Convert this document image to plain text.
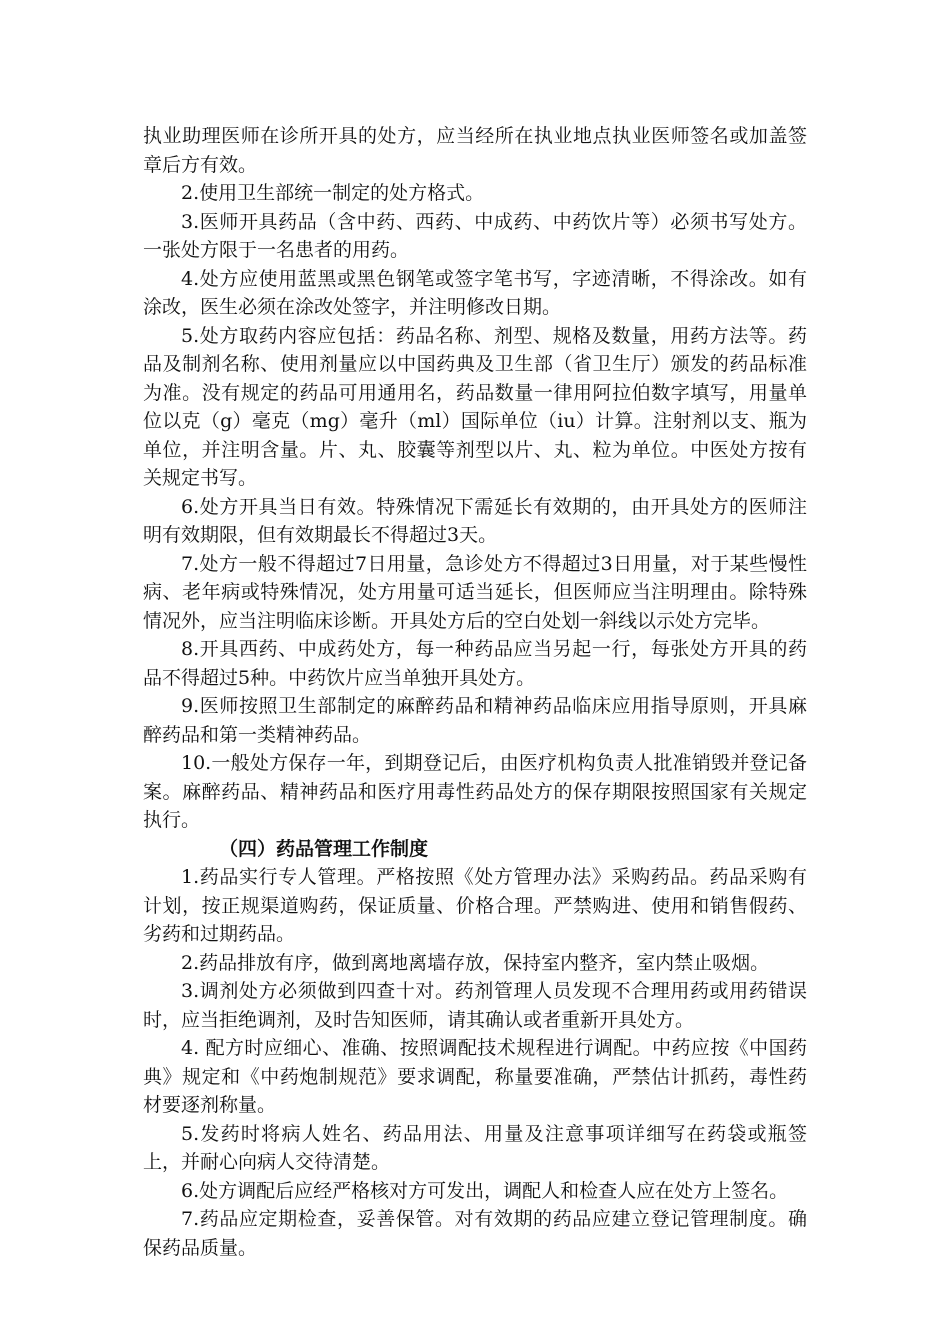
执业助理医师在诊所开具的处方，应当经所在执业地点执业医师签名或加盖签章后方有效。

2.使用卫生部统一制定的处方格式。

3.医师开具药品（含中药、西药、中成药、中药饮片等）必须书写处方。一张处方限于一名患者的用药。

4.处方应使用蓝黑或黑色钢笔或签字笔书写，字迹清晰，不得涂改。如有涂改，医生必须在涂改处签字，并注明修改日期。

5.处方取药内容应包括：药品名称、剂型、规格及数量，用药方法等。药品及制剂名称、使用剂量应以中国药典及卫生部（省卫生厅）颁发的药品标准为准。没有规定的药品可用通用名，药品数量一律用阿拉伯数字填写，用量单位以克（g）毫克（mg）毫升（ml）国际单位（iu）计算。注射剂以支、瓶为单位，并注明含量。片、丸、胶囊等剂型以片、丸、粒为单位。中医处方按有关规定书写。

6.处方开具当日有效。特殊情况下需延长有效期的，由开具处方的医师注明有效期限，但有效期最长不得超过3天。

7.处方一般不得超过7日用量，急诊处方不得超过3日用量，对于某些慢性病、老年病或特殊情况，处方用量可适当延长，但医师应当注明理由。除特殊情况外，应当注明临床诊断。开具处方后的空白处划一斜线以示处方完毕。

8.开具西药、中成药处方，每一种药品应当另起一行，每张处方开具的药品不得超过5种。中药饮片应当单独开具处方。

9.医师按照卫生部制定的麻醉药品和精神药品临床应用指导原则，开具麻醉药品和第一类精神药品。

10.一般处方保存一年，到期登记后，由医疗机构负责人批准销毁并登记备案。麻醉药品、精神药品和医疗用毒性药品处方的保存期限按照国家有关规定执行。

（四）药品管理工作制度

1.药品实行专人管理。严格按照《处方管理办法》采购药品。药品采购有计划，按正规渠道购药，保证质量、价格合理。严禁购进、使用和销售假药、劣药和过期药品。

2.药品排放有序，做到离地离墙存放，保持室内整齐，室内禁止吸烟。

3.调剂处方必须做到四查十对。药剂管理人员发现不合理用药或用药错误时，应当拒绝调剂，及时告知医师，请其确认或者重新开具处方。

4. 配方时应细心、准确、按照调配技术规程进行调配。中药应按《中国药典》规定和《中药炮制规范》要求调配，称量要准确，严禁估计抓药，毒性药材要逐剂称量。

5.发药时将病人姓名、药品用法、用量及注意事项详细写在药袋或瓶签上，并耐心向病人交待清楚。

6.处方调配后应经严格核对方可发出，调配人和检查人应在处方上签名。

7.药品应定期检查，妥善保管。对有效期的药品应建立登记管理制度。确保药品质量。
